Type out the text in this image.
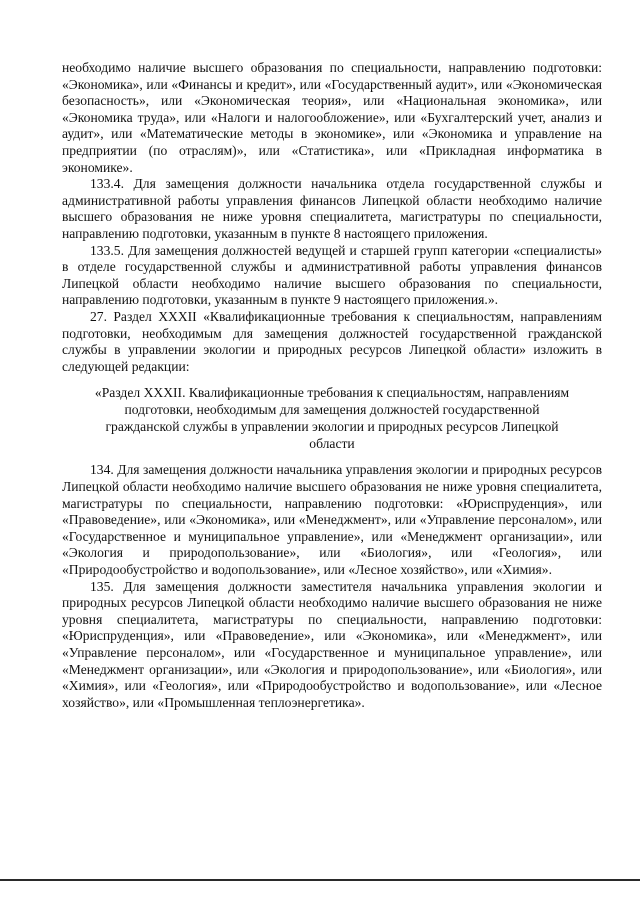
необходимо наличие высшего образования по специальности, направлению подготовки: «Экономика», или «Финансы и кредит», или «Государственный аудит», или «Экономическая безопасность», или «Экономическая теория», или «Национальная экономика», или «Экономика труда», или «Налоги и налогообложение», или «Бухгалтерский учет, анализ и аудит», или «Математические методы в экономике», или «Экономика и управление на предприятии (по отраслям)», или «Статистика», или «Прикладная информатика в экономике».

133.4. Для замещения должности начальника отдела государственной службы и административной работы управления финансов Липецкой области необходимо наличие высшего образования не ниже уровня специалитета, магистратуры по специальности, направлению подготовки, указанным в пункте 8 настоящего приложения.

133.5. Для замещения должностей ведущей и старшей групп категории «специалисты» в отделе государственной службы и административной работы управления финансов Липецкой области необходимо наличие высшего образования по специальности, направлению подготовки, указанным в пункте 9 настоящего приложения.».

27. Раздел XXXII «Квалификационные требования к специальностям, направлениям подготовки, необходимым для замещения должностей государственной гражданской службы в управлении экологии и природных ресурсов Липецкой области» изложить в следующей редакции:

«Раздел XXXII. Квалификационные требования к специальностям, направлениям подготовки, необходимым для замещения должностей государственной гражданской службы в управлении экологии и природных ресурсов Липецкой области

134. Для замещения должности начальника управления экологии и природных ресурсов Липецкой области необходимо наличие высшего образования не ниже уровня специалитета, магистратуры по специальности, направлению подготовки: «Юриспруденция», или «Правоведение», или «Экономика», или «Менеджмент», или «Управление персоналом», или «Государственное и муниципальное управление», или «Менеджмент организации», или «Экология и природопользование», или «Биология», или «Геология», или «Природообустройство и водопользование», или «Лесное хозяйство», или «Химия».

135. Для замещения должности заместителя начальника управления экологии и природных ресурсов Липецкой области необходимо наличие высшего образования не ниже уровня специалитета, магистратуры по специальности, направлению подготовки: «Юриспруденция», или «Правоведение», или «Экономика», или «Менеджмент», или «Управление персоналом», или «Государственное и муниципальное управление», или «Менеджмент организации», или «Экология и природопользование», или «Биология», или «Химия», или «Геология», или «Природообустройство и водопользование», или «Лесное хозяйство», или «Промышленная теплоэнергетика».
